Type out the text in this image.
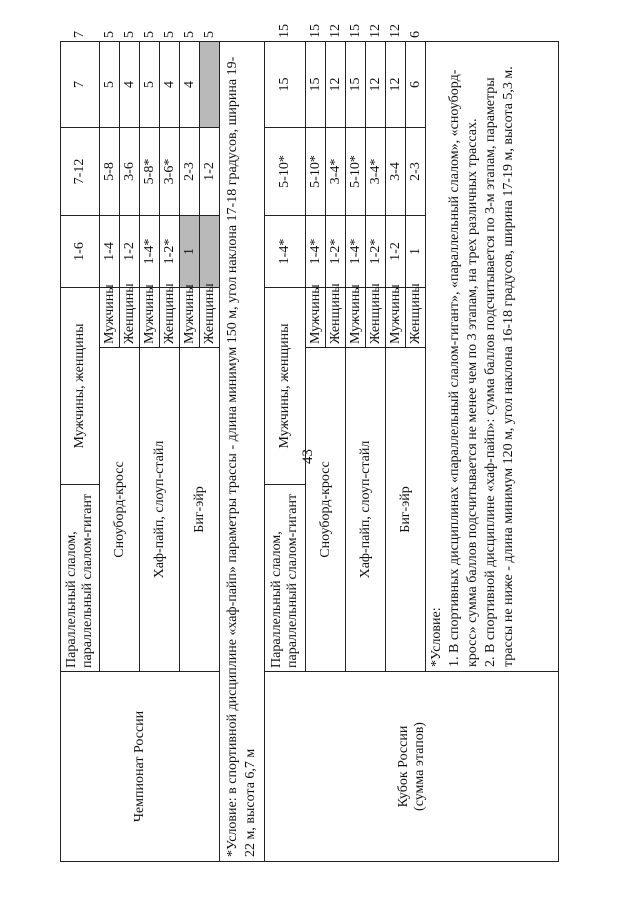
43
Чемпионат России	Параллельный слалом, параллельный слалом-гигант	Мужчины, женщины		1-6	7-12	7	7
	Сноуборд-кросс		Мужчины	1-4	5-8	5	5
			Женщины	1-2	3-6	4	5
	Хаф-пайп, слоуп-стайл		Мужчины	1-4*	5-8*	5	5
			Женщины	1-2*	3-6*	4	5
	Биг-эйр		Мужчины	1	2-3	4	5
			Женщины		1-2		5
*Условие: в спортивной дисциплине «хаф-пайп» параметры трассы - длина минимум 150 м, угол наклона 17-18 градусов, ширина 19-22 м, высота 6,7 м							

Кубок России (сумма этапов)	Параллельный слалом, параллельный слалом-гигант	Мужчины, женщины		1-4*	5-10*	15	15
	Сноуборд-кросс		Мужчины	1-4*	5-10*	15	15
			Женщины	1-2*	3-4*	12	12
	Хаф-пайп, слоуп-стайл		Мужчины	1-4*	5-10*	15	15
			Женщины	1-2*	3-4*	12	12
	Биг-эйр		Мужчины	1-2	3-4	12	12
			Женщины	1	2-3	6	6

	*Условие: 1. В спортивных дисциплинах «параллельный слалом-гигант», «параллельный слалом», «сноуборд-кросс» сумма баллов подсчитывается не менее чем по 3 этапам, на трех различных трассах. 2. В спортивной дисциплине «хаф-пайп»: сумма баллов подсчитывается по 3-м этапам, параметры трассы не ниже - длина минимум 120 м, угол наклона 16-18 градусов, ширина 17-19 м, высота 5,3 м.						
